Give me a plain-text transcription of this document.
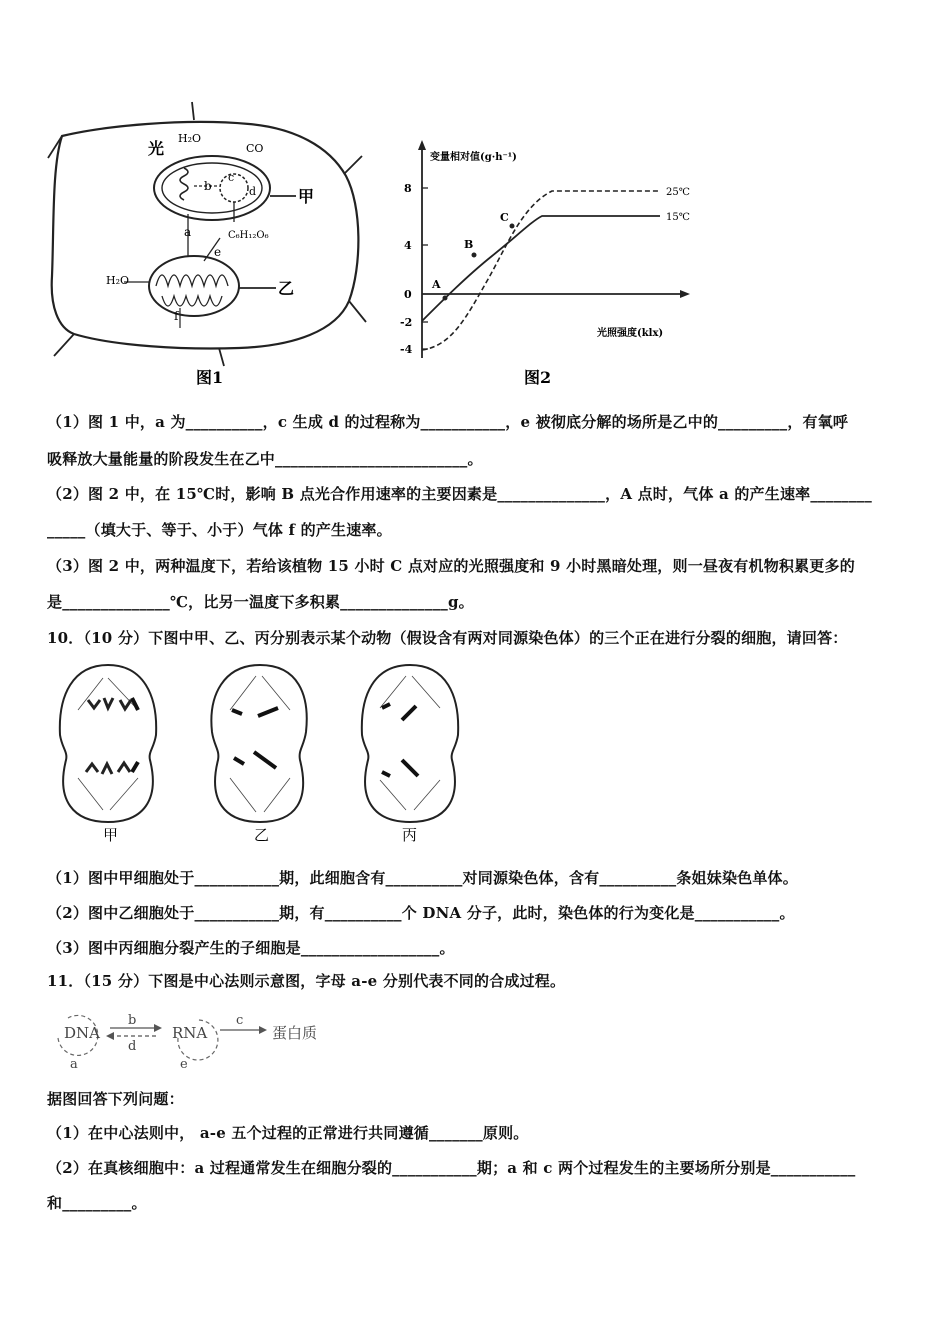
光
H₂O
CO
b
c
d
a
e
C₆H₁₂O₆
H₂O
f
甲
乙
图1
8
4
0
-2
-4
A
B
C
变量相对值(g·h⁻¹)
光照强度(klx)
25℃
15℃
图2
（1）图 1 中，a 为__________，c 生成 d 的过程称为___________，e 被彻底分解的场所是乙中的_________，有氧呼
吸释放大量能量的阶段发生在乙中_________________________。
（2）图 2 中，在 15℃时，影响 B 点光合作用速率的主要因素是______________，A 点时，气体 a 的产生速率________
_____（填大于、等于、小于）气体 f 的产生速率。
（3）图 2 中，两种温度下，若给该植物 15 小时 C 点对应的光照强度和 9 小时黑暗处理，则一昼夜有机物积累更多的
是______________℃，比另一温度下多积累______________g。
10．（10 分）下图中甲、乙、丙分别表示某个动物（假设含有两对同源染色体）的三个正在进行分裂的细胞，请回答：
甲	乙	丙
（1）图中甲细胞处于___________期，此细胞含有__________对同源染色体，含有__________条姐妹染色单体。
（2）图中乙细胞处于___________期，有__________个 DNA 分子，此时，染色体的行为变化是___________。
（3）图中丙细胞分裂产生的子细胞是__________________。
11．（15 分）下图是中心法则示意图，字母 a-e 分别代表不同的合成过程。
DNA	RNA	蛋白质
a
b	c
d
e
据图回答下列问题：
（1）在中心法则中， a-e 五个过程的正常进行共同遵循_______原则。
（2）在真核细胞中：a 过程通常发生在细胞分裂的___________期；a 和 c 两个过程发生的主要场所分别是___________
和_________。
